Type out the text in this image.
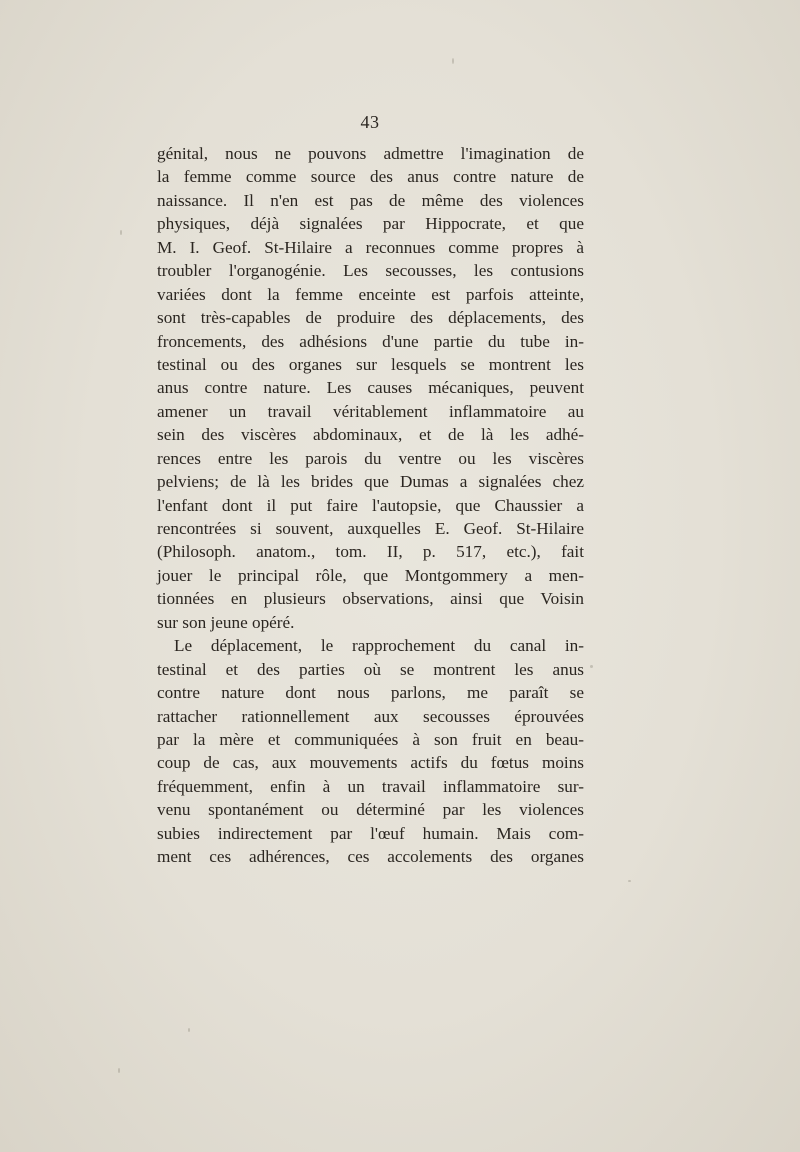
43
génital, nous ne pouvons admettre l'imagination de
la femme comme source des anus contre nature de
naissance. Il n'en est pas de même des violences
physiques, déjà signalées par Hippocrate, et que
M. I. Geof. St-Hilaire a reconnues comme propres à
troubler l'organogénie. Les secousses, les contusions
variées dont la femme enceinte est parfois atteinte,
sont très-capables de produire des déplacements, des
froncements, des adhésions d'une partie du tube in-
testinal ou des organes sur lesquels se montrent les
anus contre nature. Les causes mécaniques, peuvent
amener un travail véritablement inflammatoire au
sein des viscères abdominaux, et de là les adhé-
rences entre les parois du ventre ou les viscères
pelviens; de là les brides que Dumas a signalées chez
l'enfant dont il put faire l'autopsie, que Chaussier a
rencontrées si souvent, auxquelles E. Geof. St-Hilaire
(Philosoph. anatom., tom. II, p. 517, etc.), fait
jouer le principal rôle, que Montgommery a men-
tionnées en plusieurs observations, ainsi que Voisin
sur son jeune opéré.
Le déplacement, le rapprochement du canal in-
testinal et des parties où se montrent les anus
contre nature dont nous parlons, me paraît se
rattacher rationnellement aux secousses éprouvées
par la mère et communiquées à son fruit en beau-
coup de cas, aux mouvements actifs du fœtus moins
fréquemment, enfin à un travail inflammatoire sur-
venu spontanément ou déterminé par les violences
subies indirectement par l'œuf humain. Mais com-
ment ces adhérences, ces accolements des organes
